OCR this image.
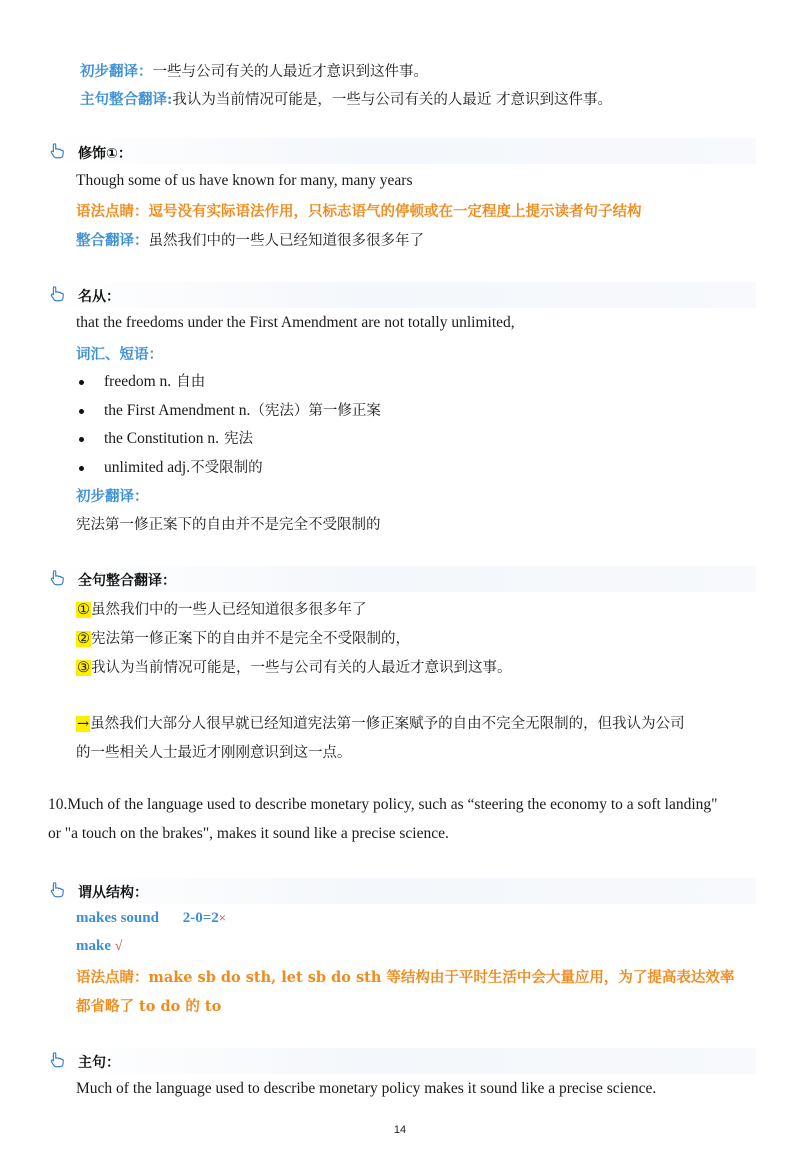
初步翻译：一些与公司有关的人最近才意识到这件事。
主句整合翻译:我认为当前情况可能是，一些与公司有关的人最近 才意识到这件事。
修饰①：
Though some of us have known for many, many years
语法点睛：逗号没有实际语法作用，只标志语气的停顿或在一定程度上提示读者句子结构
整合翻译：虽然我们中的一些人已经知道很多很多年了
名从：
that the freedoms under the First Amendment are not totally unlimited,
词汇、短语：
freedom n. 自由
the First Amendment n.（宪法）第一修正案
the Constitution n. 宪法
unlimited adj.不受限制的
初步翻译：
宪法第一修正案下的自由并不是完全不受限制的
全句整合翻译：
①虽然我们中的一些人已经知道很多很多年了
②宪法第一修正案下的自由并不是完全不受限制的，
③我认为当前情况可能是，一些与公司有关的人最近才意识到这事。
→虽然我们大部分人很早就已经知道宪法第一修正案赋予的自由不完全无限制的，但我认为公司
的一些相关人士最近才刚刚意识到这一点。
10.Much of the language used to describe monetary policy, such as “steering the economy to a soft landing"
or "a touch on the brakes", makes it sound like a precise science.
谓从结构：
makes sound 2-0=2×
make √
语法点睛：make sb do sth, let sb do sth 等结构由于平时生活中会大量应用，为了提高表达效率
都省略了 to do 的 to
主句：
Much of the language used to describe monetary policy makes it sound like a precise science.
14
